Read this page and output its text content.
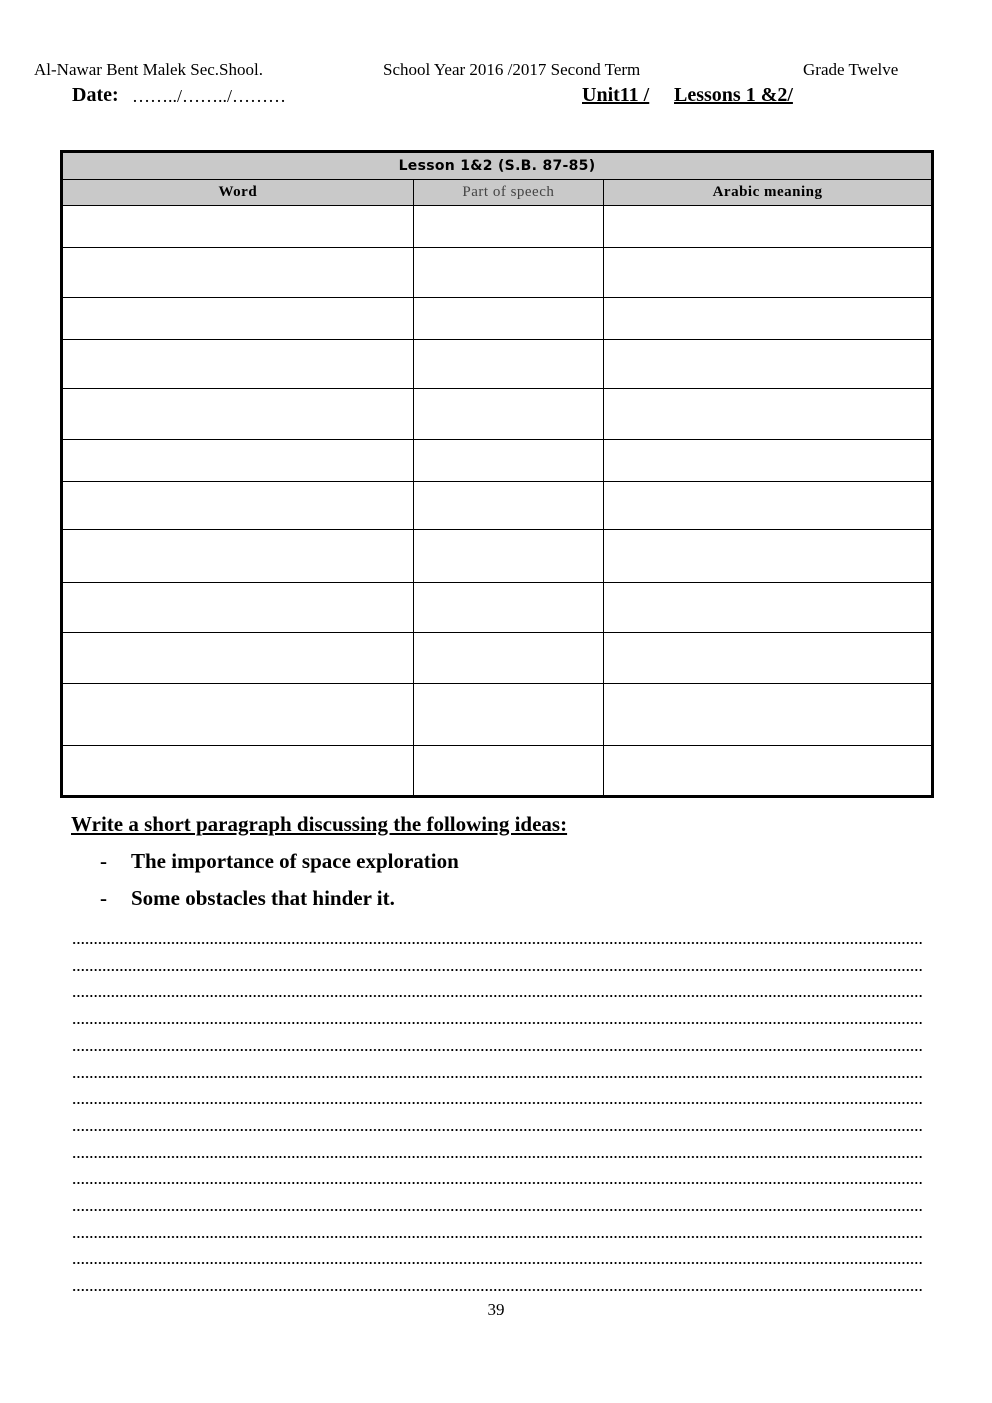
Al-Nawar Bent Malek Sec.Shool.	School Year 2016 /2017 Second Term	Grade Twelve
Date: ……../……../………	Unit11 / Lessons 1 &2/
Lesson 1&2 (S.B. 87-85)		
Word	Part of speech	Arabic meaning

Write a short paragraph discussing the following ideas:
- The importance of space exploration
- Some obstacles that hinder it.
39
